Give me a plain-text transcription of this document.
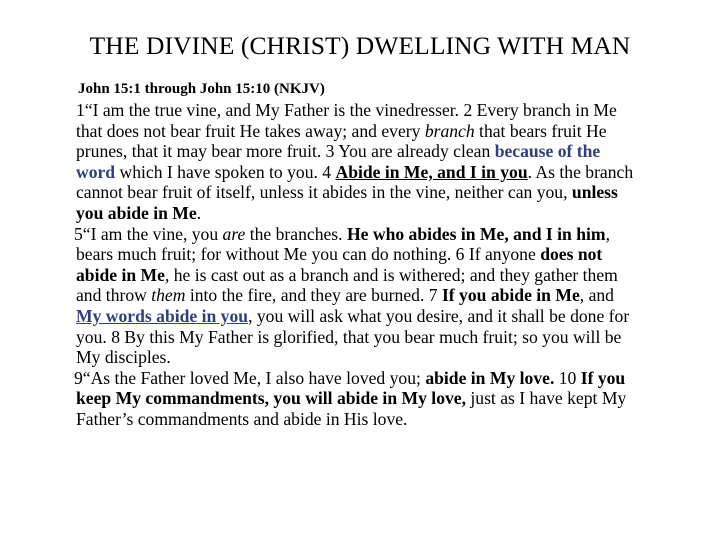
THE DIVINE (CHRIST) DWELLING WITH MAN
John 15:1 through John 15:10 (NKJV)
1“I am the true vine, and My Father is the vinedresser. 2 Every branch in Me
that does not bear fruit He takes away; and every branch that bears fruit He
prunes, that it may bear more fruit. 3 You are already clean because of the
word which I have spoken to you. 4 Abide in Me, and I in you. As the branch
cannot bear fruit of itself, unless it abides in the vine, neither can you, unless
you abide in Me.
5“I am the vine, you are the branches. He who abides in Me, and I in him,
bears much fruit; for without Me you can do nothing. 6 If anyone does not
abide in Me, he is cast out as a branch and is withered; and they gather them
and throw them into the fire, and they are burned. 7 If you abide in Me, and
My words abide in you, you will ask what you desire, and it shall be done for
you. 8 By this My Father is glorified, that you bear much fruit; so you will be
My disciples.
9“As the Father loved Me, I also have loved you; abide in My love. 10 If you
keep My commandments, you will abide in My love, just as I have kept My
Father’s commandments and abide in His love.
